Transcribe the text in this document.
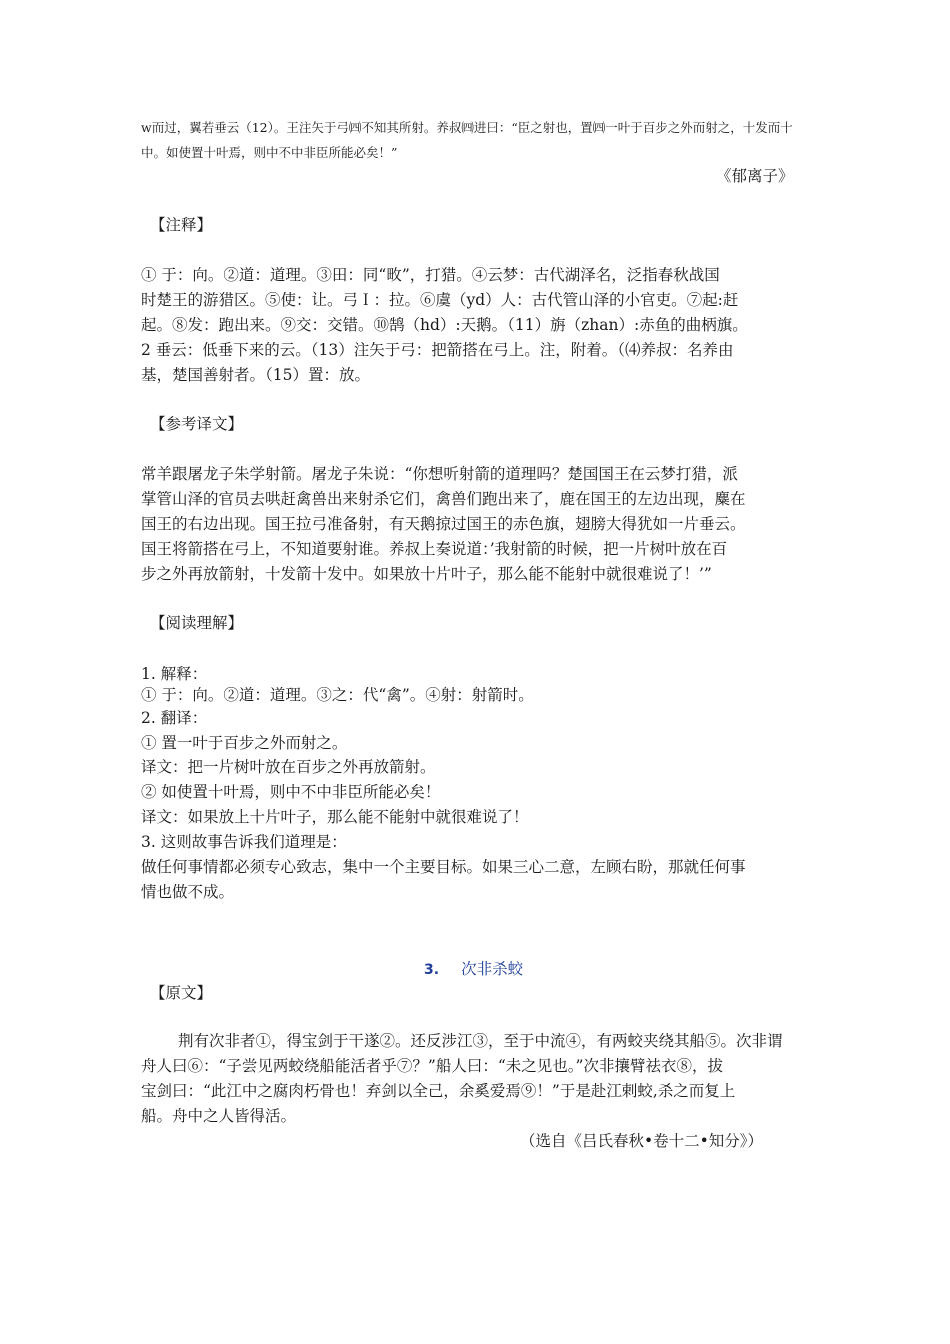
w而过，翼若垂云（12）。王注矢于弓㈣不知其所射。养叔㈣进曰：“臣之射也，置㈣一叶于百步之外而射之，十发而十
中。如使置十叶焉，则中不中非臣所能必矣！”
《郁离子》
【注释】
① 于：向。②道：道理。③田：同“畋”，打猎。④云梦：古代湖泽名，泛指春秋战国
时楚王的游猎区。⑤使：让。弓Ｉ：拉。⑥虞（yd）人：古代管山泽的小官吏。⑦起:赶
起。⑧发：跑出来。⑨交：交错。⑩鹄（hd）:天鹅。（11）旃（zhan）:赤鱼的曲柄旗。
2 垂云：低垂下来的云。（13）注矢于弓：把箭搭在弓上。注，附着。（⑷养叔：名养由
基，楚国善射者。（15）置：放。
【参考译文】
常羊跟屠龙子朱学射箭。屠龙子朱说：“你想听射箭的道理吗？楚国国王在云梦打猎，派
掌管山泽的官员去哄赶禽兽出来射杀它们，禽兽们跑出来了，鹿在国王的左边出现，麋在
国王的右边出现。国王拉弓准备射，有天鹅掠过国王的赤色旗，翅膀大得犹如一片垂云。
国王将箭搭在弓上，不知道要射谁。养叔上奏说道：’我射箭的时候，把一片树叶放在百
步之外再放箭射，十发箭十发中。如果放十片叶子，那么能不能射中就很难说了！’”
【阅读理解】
1. 解释：
① 于：向。②道：道理。③之：代“禽”。④射：射箭时。
2. 翻译：
① 置一叶于百步之外而射之。
译文：把一片树叶放在百步之外再放箭射。
② 如使置十叶焉，则中不中非臣所能必矣！
译文：如果放上十片叶子，那么能不能射中就很难说了！
3. 这则故事告诉我们道理是：
做任何事情都必须专心致志，集中一个主要目标。如果三心二意，左顾右盼，那就任何事
情也做不成。
3. 次非杀蛟
【原文】
荆有次非者①，得宝剑于干遂②。还反涉江③，至于中流④，有两蛟夹绕其船⑤。次非谓
舟人曰⑥：“子尝见两蛟绕船能活者乎⑦？”船人曰：“未之见也。”次非攘臂祛衣⑧，拔
宝剑曰：“此江中之腐肉朽骨也！弃剑以全己，余奚爱焉⑨！”于是赴江剌蛟,杀之而复上
船。舟中之人皆得活。
（选自《吕氏春秋•卷十二•知分》）
